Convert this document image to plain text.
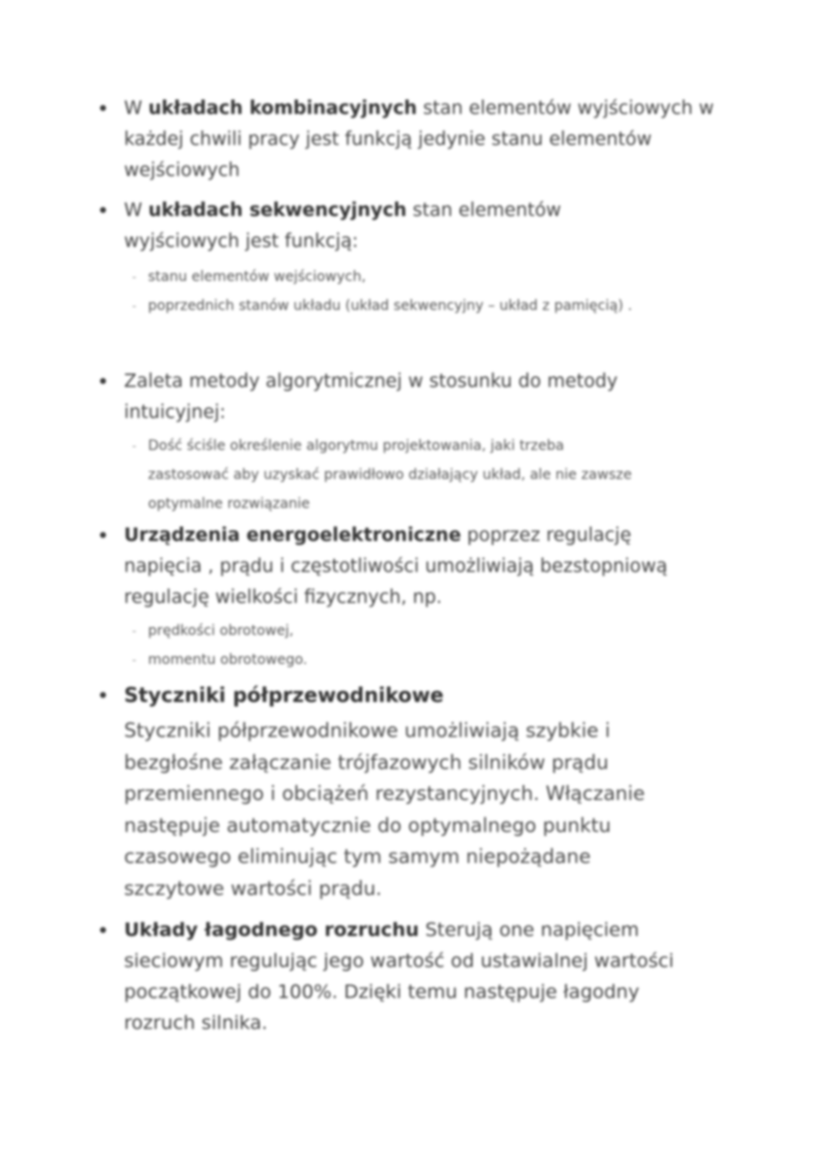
W układach kombinacyjnych stan elementów wyjściowych w każdej chwili pracy jest funkcją jedynie stanu elementów wejściowych
W układach sekwencyjnych stan elementów wyjściowych jest funkcją:
- stanu elementów wejściowych,
- poprzednich stanów układu (układ sekwencyjny – układ z pamięcią) .
Zaleta metody algorytmicznej w stosunku do metody intuicyjnej:
- Dość ściśle określenie algorytmu projektowania, jaki trzeba zastosować aby uzyskać prawidłowo działający układ, ale nie zawsze optymalne rozwiązanie
Urządzenia energoelektroniczne poprzez regulację napięcia , prądu i częstotliwości umożliwiają bezstopniową regulację wielkości fizycznych, np.
- prędkości obrotowej,
- momentu obrotowego.
Styczniki półprzewodnikowe
Styczniki półprzewodnikowe umożliwiają szybkie i bezgłośne załączanie trójfazowych silników prądu przemiennego i obciążeń rezystancyjnych. Włączanie następuje automatycznie do optymalnego punktu czasowego eliminując tym samym niepożądane szczytowe wartości prądu.
Układy łagodnego rozruchu Sterują one napięciem sieciowym regulując jego wartość od ustawialnej wartości początkowej do 100%. Dzięki temu następuje łagodny rozruch silnika.
